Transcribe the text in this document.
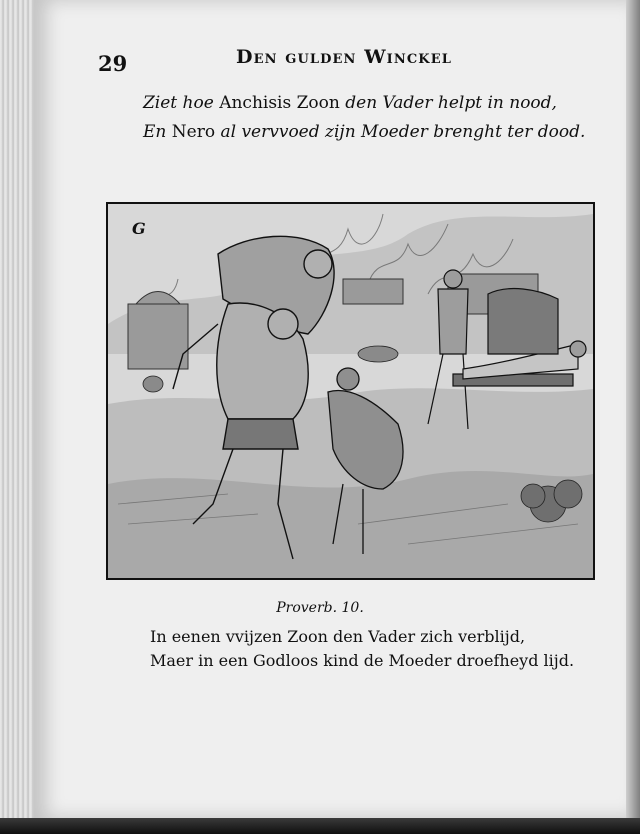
29	Den gulden Winckel
Ziet hoe Anchisis Zoon den Vader helpt in nood,
En Nero al vervvoed zijn Moeder brenght ter dood.
G
Proverb. 10.
In eenen vvijzen Zoon den Vader zich verblijd,
Maer in een Godloos kind de Moeder droefheyd lijd.
